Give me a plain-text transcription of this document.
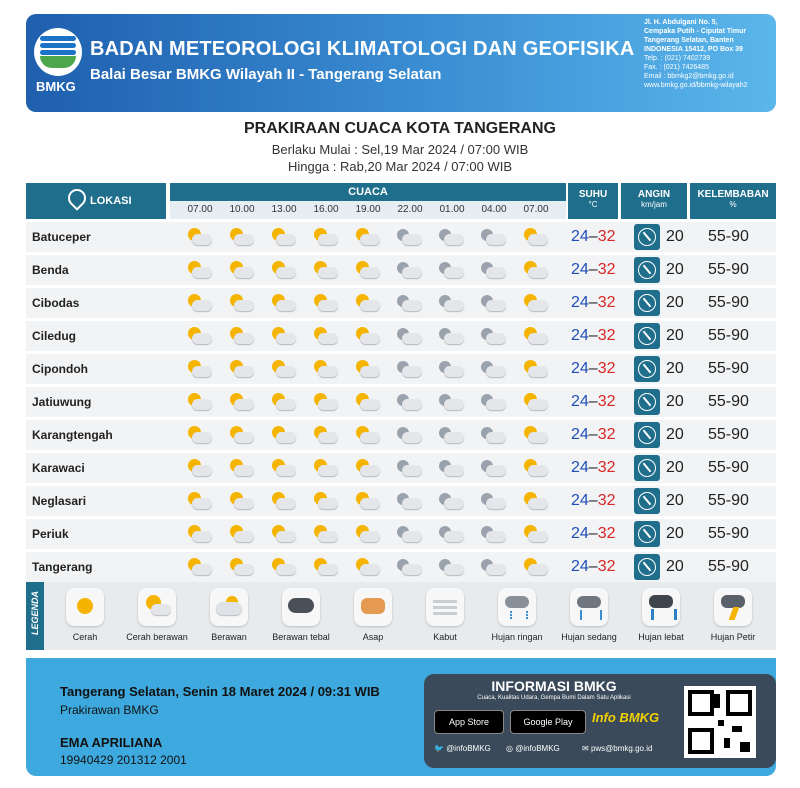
BMKG
BADAN METEOROLOGI KLIMATOLOGI DAN GEOFISIKA
Balai Besar BMKG Wilayah II - Tangerang Selatan
Jl. H. Abdulgani No. 5,
Cempaka Putih - Ciputat Timur
Tangerang Selatan, Banten
INDONESIA 15412, PO Box 39
Telp. : (021) 7402739
Fax. : (021) 7426485
Email : bbmkg2@bmkg.go.id
www.bmkg.go.id/bbmkg-wilayah2
PRAKIRAAN CUACA KOTA TANGERANG
Berlaku Mulai : Sel,19 Mar 2024 / 07:00 WIB
Hingga : Rab,20 Mar 2024 / 07:00 WIB
LOKASI
CUACA
07.00	10.00	13.00	16.00	19.00	22.00	01.00	04.00	07.00
SUHU
°C
ANGIN
km/jam
KELEMBABAN
%
Batuceper	24–32	20 55-90
Benda	24–32	20 55-90
Cibodas	24–32	20 55-90
Ciledug	24–32	20 55-90
Cipondoh	24–32	20 55-90
Jatiuwung	24–32	20 55-90
Karangtengah	24–32	20 55-90
Karawaci	24–32	20 55-90
Neglasari	24–32	20 55-90
Periuk	24–32	20 55-90
Tangerang	24–32	20 55-90
LEGENDA
Cerah	Cerah berawan	Berawan	Berawan tebal	Asap	Kabut	Hujan ringan	Hujan sedang	Hujan lebat	Hujan Petir
Tangerang Selatan, Senin 18 Maret 2024 / 09:31 WIB
Prakirawan BMKG
EMA APRILIANA
19940429 201312 2001
INFORMASI BMKG
Cuaca, Kualitas Udara, Gempa Bumi Dalam Satu Aplikasi
App Store	Google Play	Info BMKG
🐦 @infoBMKG ◎ @infoBMKG	✉ pws@bmkg.go.id
